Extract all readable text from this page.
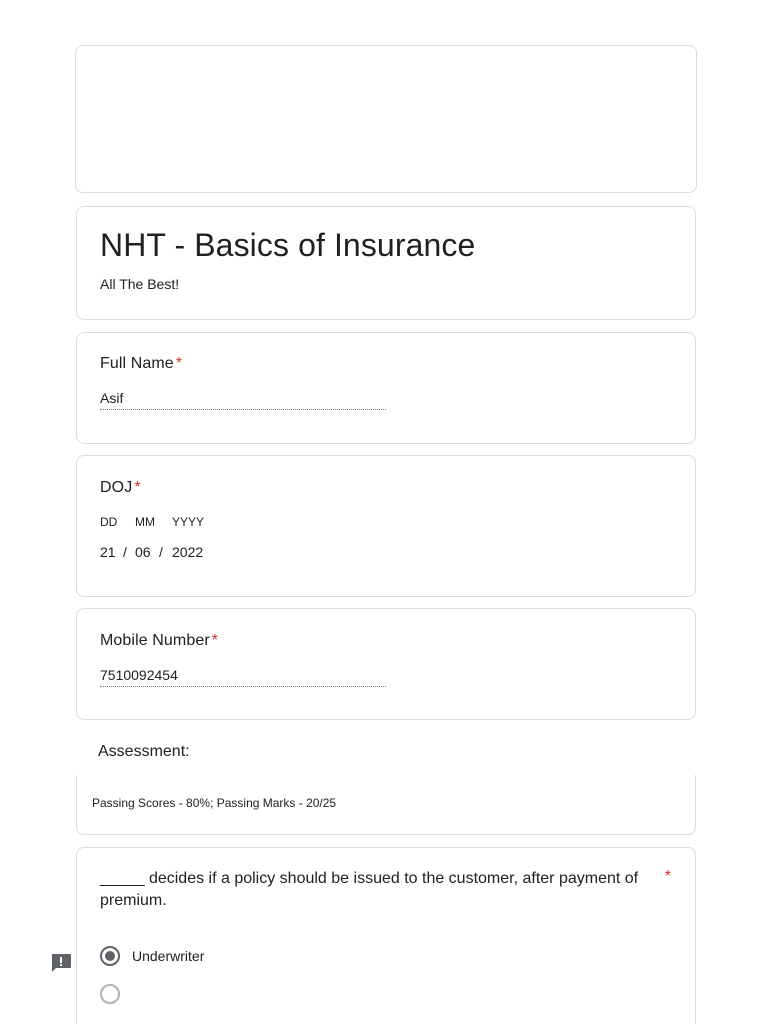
NHT - Basics of Insurance
All The Best!
Full Name *
Asif
DOJ *
DD MM YYYY
21 / 06 / 2022
Mobile Number *
7510092454
Assessment:
Passing Scores - 80%; Passing Marks - 20/25
_____ decides if a policy should be issued to the customer, after payment of premium.
*
Underwriter
